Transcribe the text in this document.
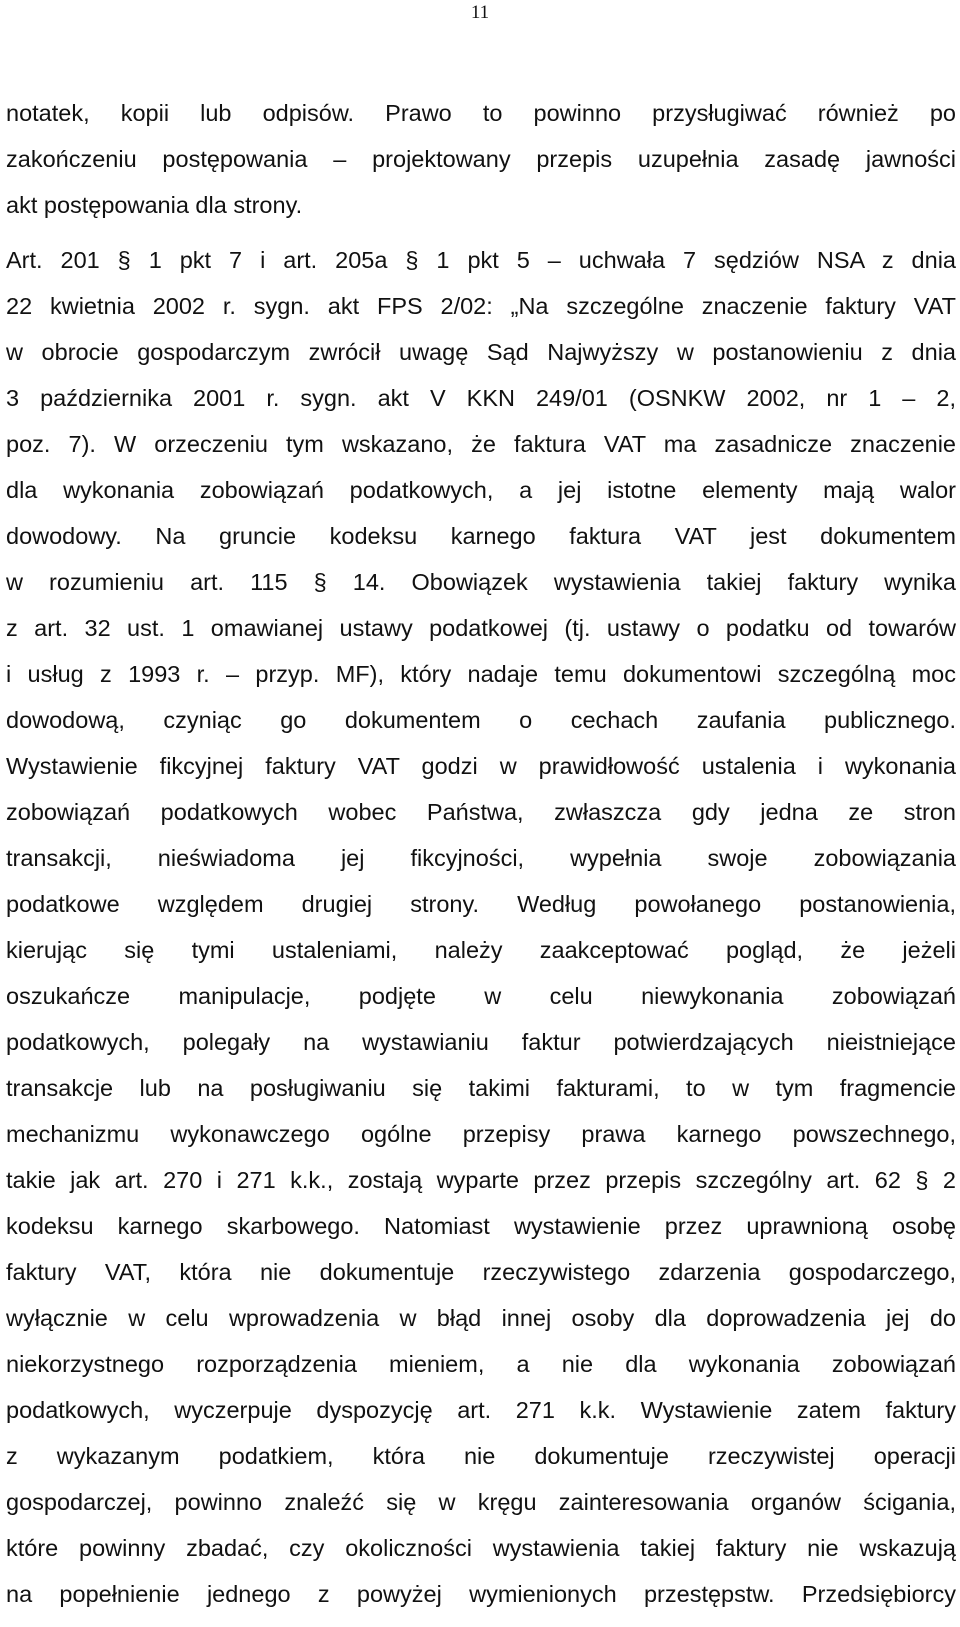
11
notatek, kopii lub odpisów. Prawo to powinno przysługiwać również po
zakończeniu postępowania – projektowany przepis uzupełnia zasadę jawności
akt postępowania dla strony.
Art. 201 § 1 pkt 7 i art. 205a § 1 pkt 5 – uchwała 7 sędziów NSA z dnia
22 kwietnia 2002 r. sygn. akt FPS 2/02: „Na szczególne znaczenie faktury VAT
w obrocie gospodarczym zwrócił uwagę Sąd Najwyższy w postanowieniu z dnia
3 października 2001 r. sygn. akt V KKN 249/01 (OSNKW 2002, nr 1 – 2,
poz. 7). W orzeczeniu tym wskazano, że faktura VAT ma zasadnicze znaczenie
dla wykonania zobowiązań podatkowych, a jej istotne elementy mają walor
dowodowy. Na gruncie kodeksu karnego faktura VAT jest dokumentem
w rozumieniu art. 115 § 14. Obowiązek wystawienia takiej faktury wynika
z art. 32 ust. 1 omawianej ustawy podatkowej (tj. ustawy o podatku od towarów
i usług z 1993 r. – przyp. MF), który nadaje temu dokumentowi szczególną moc
dowodową, czyniąc go dokumentem o cechach zaufania publicznego.
Wystawienie fikcyjnej faktury VAT godzi w prawidłowość ustalenia i wykonania
zobowiązań podatkowych wobec Państwa, zwłaszcza gdy jedna ze stron
transakcji, nieświadoma jej fikcyjności, wypełnia swoje zobowiązania
podatkowe względem drugiej strony. Według powołanego postanowienia,
kierując się tymi ustaleniami, należy zaakceptować pogląd, że jeżeli
oszukańcze manipulacje, podjęte w celu niewykonania zobowiązań
podatkowych, polegały na wystawianiu faktur potwierdzających nieistniejące
transakcje lub na posługiwaniu się takimi fakturami, to w tym fragmencie
mechanizmu wykonawczego ogólne przepisy prawa karnego powszechnego,
takie jak art. 270 i 271 k.k., zostają wyparte przez przepis szczególny art. 62 § 2
kodeksu karnego skarbowego. Natomiast wystawienie przez uprawnioną osobę
faktury VAT, która nie dokumentuje rzeczywistego zdarzenia gospodarczego,
wyłącznie w celu wprowadzenia w błąd innej osoby dla doprowadzenia jej do
niekorzystnego rozporządzenia mieniem, a nie dla wykonania zobowiązań
podatkowych, wyczerpuje dyspozycję art. 271 k.k. Wystawienie zatem faktury
z wykazanym podatkiem, która nie dokumentuje rzeczywistej operacji
gospodarczej, powinno znaleźć się w kręgu zainteresowania organów ścigania,
które powinny zbadać, czy okoliczności wystawienia takiej faktury nie wskazują
na popełnienie jednego z powyżej wymienionych przestępstw. Przedsiębiorcy
